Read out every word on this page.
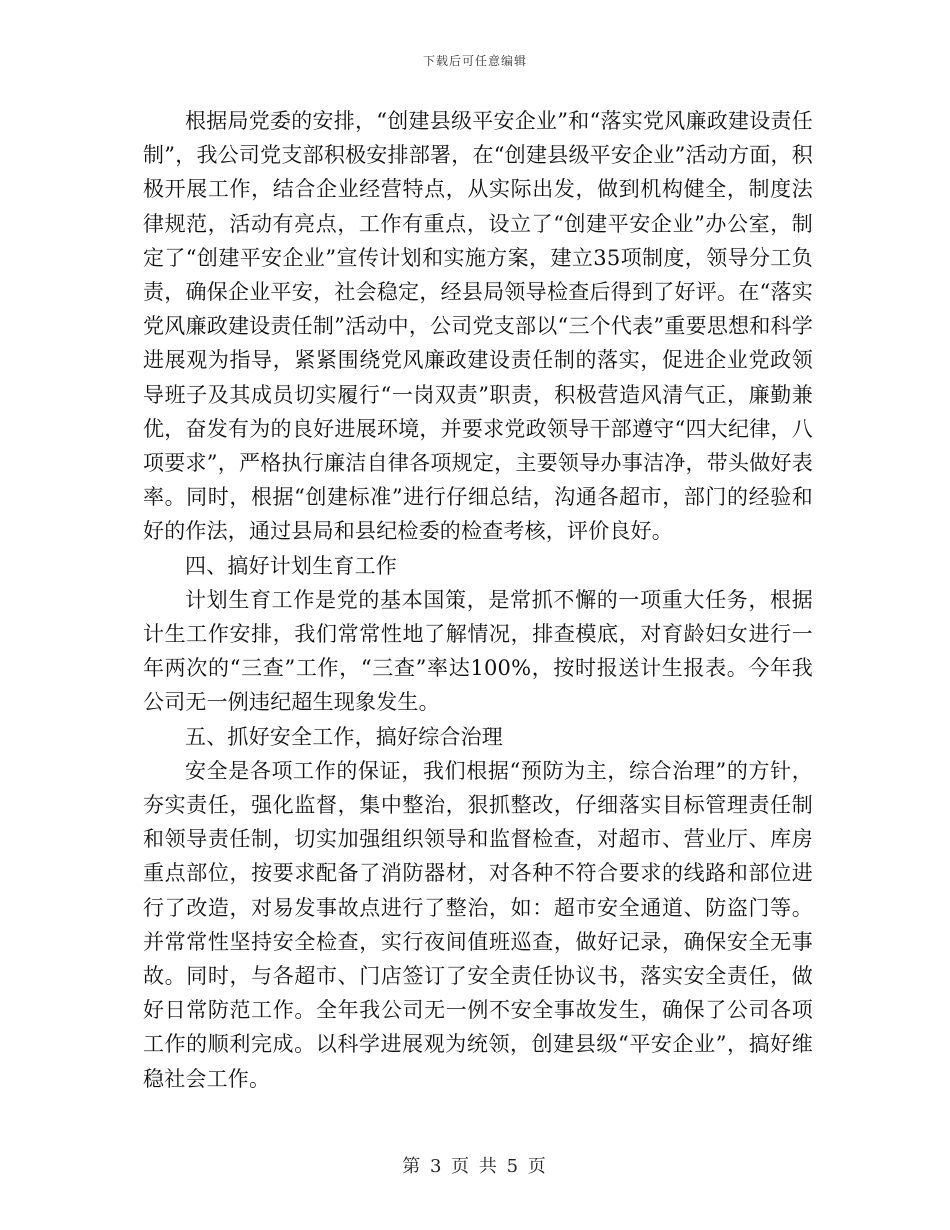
下载后可任意编辑

根据局党委的安排，“创建县级平安企业”和“落实党风廉政建设责任制”，我公司党支部积极安排部署，在“创建县级平安企业”活动方面，积极开展工作，结合企业经营特点，从实际出发，做到机构健全，制度法律规范，活动有亮点，工作有重点，设立了“创建平安企业”办公室，制定了“创建平安企业”宣传计划和实施方案，建立35项制度，领导分工负责，确保企业平安，社会稳定，经县局领导检查后得到了好评。在“落实党风廉政建设责任制”活动中，公司党支部以“三个代表”重要思想和科学进展观为指导，紧紧围绕党风廉政建设责任制的落实，促进企业党政领导班子及其成员切实履行“一岗双责”职责，积极营造风清气正，廉勤兼优，奋发有为的良好进展环境，并要求党政领导干部遵守“四大纪律，八项要求”，严格执行廉洁自律各项规定，主要领导办事洁净，带头做好表率。同时，根据“创建标准”进行仔细总结，沟通各超市，部门的经验和好的作法，通过县局和县纪检委的检查考核，评价良好。

四、搞好计划生育工作

计划生育工作是党的基本国策，是常抓不懈的一项重大任务，根据计生工作安排，我们常常性地了解情况，排查模底，对育龄妇女进行一年两次的“三查”工作，“三查”率达100%，按时报送计生报表。今年我公司无一例违纪超生现象发生。

五、抓好安全工作，搞好综合治理

安全是各项工作的保证，我们根据“预防为主，综合治理”的方针，夯实责任，强化监督，集中整治，狠抓整改，仔细落实目标管理责任制和领导责任制，切实加强组织领导和监督检查，对超市、营业厅、库房重点部位，按要求配备了消防器材，对各种不符合要求的线路和部位进行了改造，对易发事故点进行了整治，如：超市安全通道、防盗门等。并常常性坚持安全检查，实行夜间值班巡查，做好记录，确保安全无事故。同时，与各超市、门店签订了安全责任协议书，落实安全责任，做好日常防范工作。全年我公司无一例不安全事故发生，确保了公司各项工作的顺利完成。以科学进展观为统领，创建县级“平安企业”，搞好维稳社会工作。

第 3 页 共 5 页
